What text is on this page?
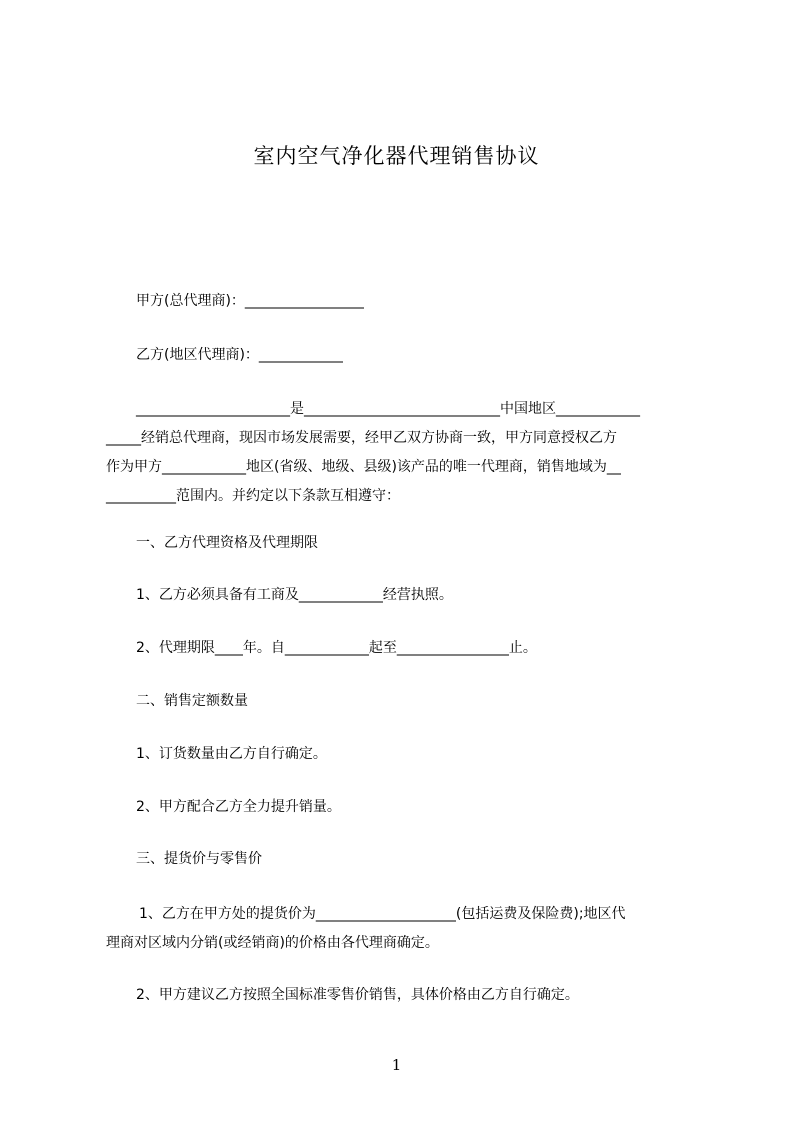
室内空气净化器代理销售协议
甲方(总代理商)：_________________
乙方(地区代理商)：____________
______________________是____________________________中国地区____________
_____经销总代理商，现因市场发展需要，经甲乙双方协商一致，甲方同意授权乙方
作为甲方____________地区(省级、地级、县级)该产品的唯一代理商，销售地域为__
__________范围内。并约定以下条款互相遵守：
一、乙方代理资格及代理期限
1、乙方必须具备有工商及____________经营执照。
2、代理期限____年。自____________起至________________止。
二、销售定额数量
1、订货数量由乙方自行确定。
2、甲方配合乙方全力提升销量。
三、提货价与零售价
1、乙方在甲方处的提货价为____________________(包括运费及保险费);地区代
理商对区域内分销(或经销商)的价格由各代理商确定。
2、甲方建议乙方按照全国标准零售价销售，具体价格由乙方自行确定。
1
